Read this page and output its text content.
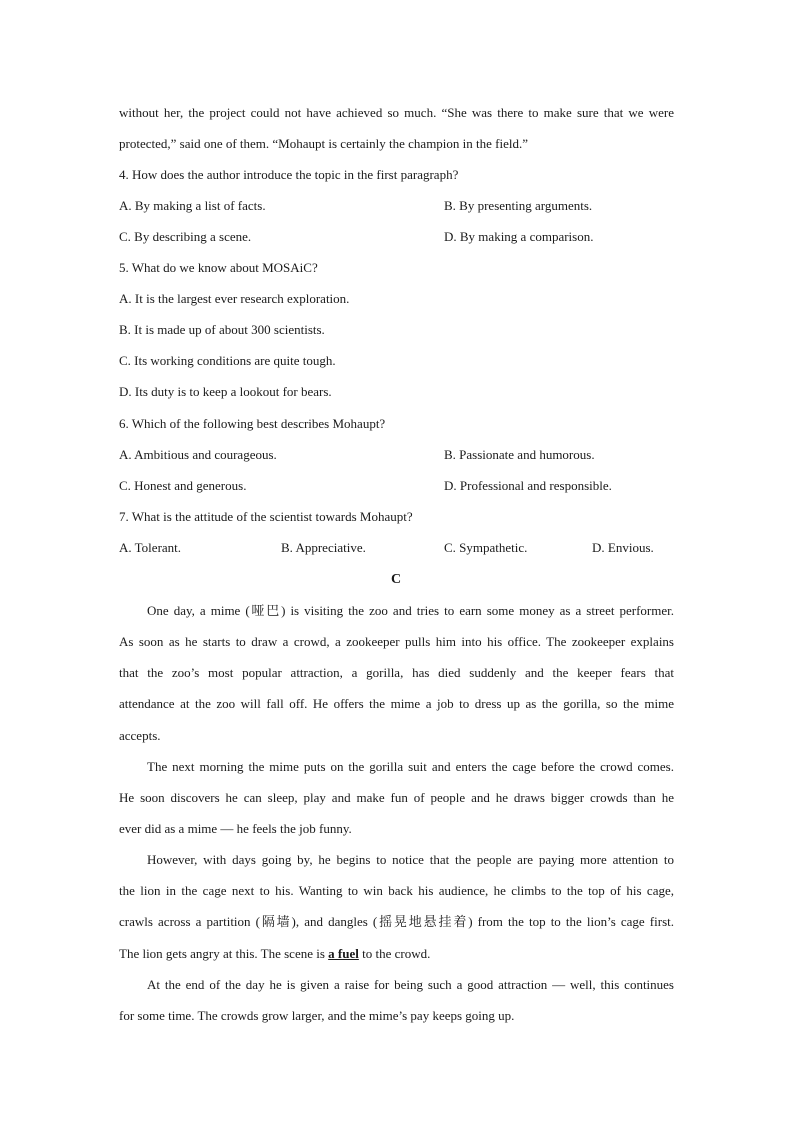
without her, the project could not have achieved so much. “She was there to make sure that we were
protected,” said one of them. “Mohaupt is certainly the champion in the field.”
4. How does the author introduce the topic in the first paragraph?
A. By making a list of facts.	B. By presenting arguments.
C. By describing a scene.	D. By making a comparison.
5. What do we know about MOSAiC?
A. It is the largest ever research exploration.
B. It is made up of about 300 scientists.
C. Its working conditions are quite tough.
D. Its duty is to keep a lookout for bears.
6. Which of the following best describes Mohaupt?
A. Ambitious and courageous.	B. Passionate and humorous.
C. Honest and generous.	D. Professional and responsible.
7. What is the attitude of the scientist towards Mohaupt?
A. Tolerant.	B. Appreciative.	C. Sympathetic.	D. Envious.
C
One day, a mime (哑巴) is visiting the zoo and tries to earn some money as a street performer.
As soon as he starts to draw a crowd, a zookeeper pulls him into his office. The zookeeper explains
that the zoo’s most popular attraction, a gorilla, has died suddenly and the keeper fears that
attendance at the zoo will fall off. He offers the mime a job to dress up as the gorilla, so the mime
accepts.
The next morning the mime puts on the gorilla suit and enters the cage before the crowd comes.
He soon discovers he can sleep, play and make fun of people and he draws bigger crowds than he
ever did as a mime — he feels the job funny.
However, with days going by, he begins to notice that the people are paying more attention to
the lion in the cage next to his. Wanting to win back his audience, he climbs to the top of his cage,
crawls across a partition (隔墙), and dangles (摇晃地悬挂着) from the top to the lion’s cage first.
The lion gets angry at this. The scene is a fuel to the crowd.
At the end of the day he is given a raise for being such a good attraction — well, this continues
for some time. The crowds grow larger, and the mime’s pay keeps going up.
